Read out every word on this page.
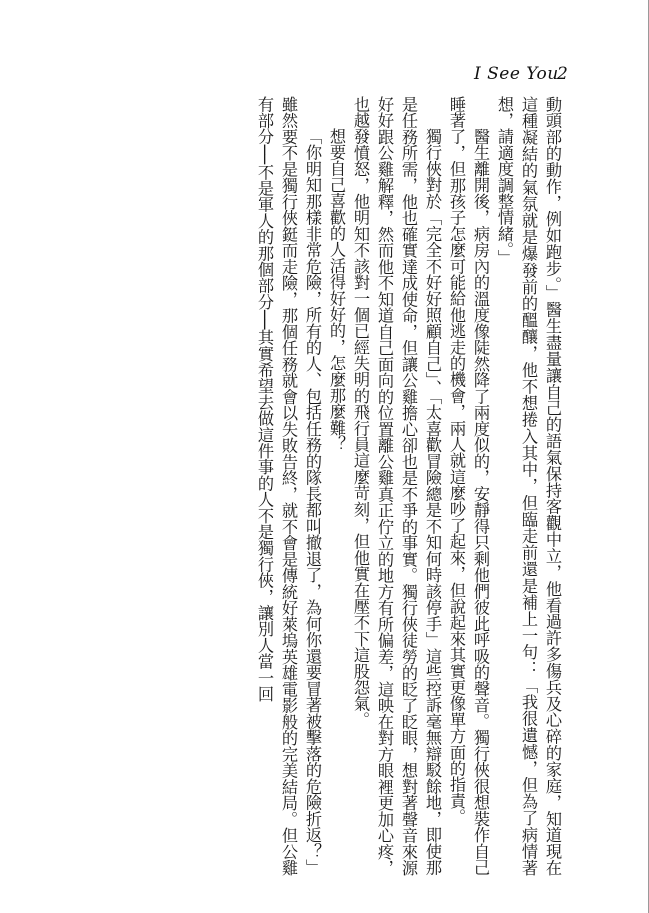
I See You
2

動頭部的動作，例如跑步。」醫生盡量讓自己的語氣保持客觀中立，他看過許多傷兵及心碎的家庭，知道現在這種凝結的氣氛就是爆發前的醞釀，他不想捲入其中，但臨走前還是補上一句：「我很遺憾，但為了病情著想，請適度調整情緒。」

醫生離開後，病房內的溫度像陡然降了兩度似的，安靜得只剩他們彼此呼吸的聲音。獨行俠很想裝作自己睡著了，但那孩子怎麼可能給他逃走的機會，兩人就這麼吵了起來，但說起來其實更像單方面的指責。

獨行俠對於「完全不好好照顧自己」、「太喜歡冒險總是不知何時該停手」這些控訴毫無辯駁餘地，即使那是任務所需，他也確實達成使命，但讓公雞擔心卻也是不爭的事實。獨行俠徒勞的眨了眨眼，想對著聲音來源好好跟公雞解釋，然而他不知道自己面向的位置離公雞真正佇立的地方有所偏差，這映在對方眼裡更加心疼，也越發憤怒，他明知不該對一個已經失明的飛行員這麼苛刻，但他實在壓不下這股怨氣。

想要自己喜歡的人活得好好的，怎麼那麼難？

「你明知那樣非常危險，所有的人、包括任務的隊長都叫撤退了，為何你還要冒著被擊落的危險折返？」雖然要不是獨行俠鋌而走險，那個任務就會以失敗告終，就不會是傳統好萊塢英雄電影般的完美結局。但公雞有部分──不是軍人的那個部分──其實希望去做這件事的人不是獨行俠，讓別人當一回
